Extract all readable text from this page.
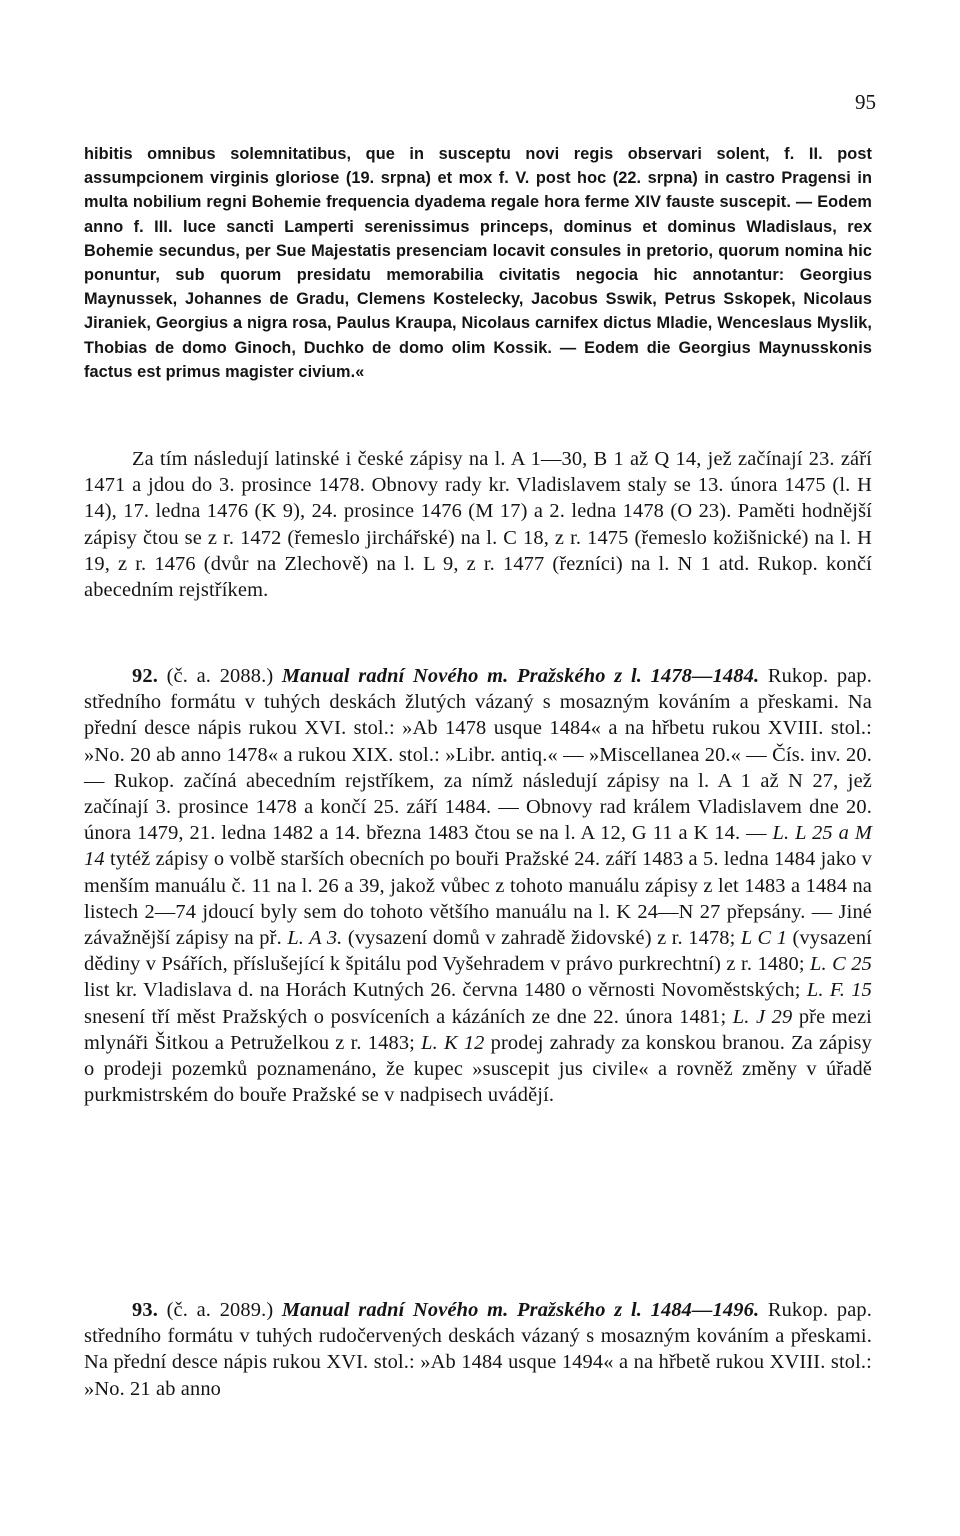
95

hibitis omnibus solemnitatibus, que in susceptu novi regis observari solent, f. II. post assumpcionem virginis gloriose (19. srpna) et mox f. V. post hoc (22. srpna) in castro Pragensi in multa nobilium regni Bohemie frequencia dyadema regale hora ferme XIV fauste suscepit. — Eodem anno f. III. luce sancti Lamperti serenissimus princeps, dominus et dominus Wladislaus, rex Bohemie secundus, per Sue Majestatis presenciam locavit consules in pretorio, quorum nomina hic ponuntur, sub quorum presidatu memorabilia civitatis negocia hic annotantur: Georgius Maynussek, Johannes de Gradu, Clemens Kostelecky, Jacobus Sswik, Petrus Sskopek, Nicolaus Jiraniek, Georgius a nigra rosa, Paulus Kraupa, Nicolaus carnifex dictus Mladie, Wenceslaus Myslik, Thobias de domo Ginoch, Duchko de domo olim Kossik. — Eodem die Georgius Maynusskonis factus est primus magister civium.«

Za tím následují latinské i české zápisy na l. A 1—30, B 1 až Q 14, jež začínají 23. září 1471 a jdou do 3. prosince 1478. Obnovy rady kr. Vladislavem staly se 13. února 1475 (l. H 14), 17. ledna 1476 (K 9), 24. prosince 1476 (M 17) a 2. ledna 1478 (O 23). Paměti hodnější zápisy čtou se z r. 1472 (řemeslo jirchářské) na l. C 18, z r. 1475 (řemeslo kožišnické) na l. H 19, z r. 1476 (dvůr na Zlechově) na l. L 9, z r. 1477 (řezníci) na l. N 1 atd. Rukop. končí abecedním rejstříkem.

92. (č. a. 2088.) Manual radní Nového m. Pražského z l. 1478—1484. Rukop. pap. středního formátu v tuhých deskách žlutých vázaný s mosazným kováním a přeskami. Na přední desce nápis rukou XVI. stol.: »Ab 1478 usque 1484« a na hřbetu rukou XVIII. stol.: »No. 20 ab anno 1478« a rukou XIX. stol.: »Libr. antiq.« — »Miscellanea 20.« — Čís. inv. 20. — Rukop. začíná abecedním rejstříkem, za nímž následují zápisy na l. A 1 až N 27, jež začínají 3. prosince 1478 a končí 25. září 1484. — Obnovy rad králem Vladislavem dne 20. února 1479, 21. ledna 1482 a 14. března 1483 čtou se na l. A 12, G 11 a K 14. — L. L 25 a M 14 tytéž zápisy o volbě starších obecních po bouři Pražské 24. září 1483 a 5. ledna 1484 jako v menším manuálu č. 11 na l. 26 a 39, jakož vůbec z tohoto manuálu zápisy z let 1483 a 1484 na listech 2—74 jdoucí byly sem do tohoto většího manuálu na l. K 24—N 27 přepsány. — Jiné závažnější zápisy na př. L. A 3. (vysazení domů v zahradě židovské) z r. 1478; L C 1 (vysazení dědiny v Psářích, příslušející k špitálu pod Vyšehradem v právo purkrechtní) z r. 1480; L. C 25 list kr. Vladislava d. na Horách Kutných 26. června 1480 o věrnosti Novoměstských; L. F. 15 snesení tří měst Pražských o posvíceních a kázáních ze dne 22. února 1481; L. J 29 pře mezi mlynáři Šitkou a Petruželkou z r. 1483; L. K 12 prodej zahrady za konskou branou. Za zápisy o prodeji pozemků poznamenáno, že kupec »suscepit jus civile« a rovněž změny v úřadě purkmistrském do bouře Pražské se v nadpisech uvádějí.

93. (č. a. 2089.) Manual radní Nového m. Pražského z l. 1484—1496. Rukop. pap. středního formátu v tuhých rudočervených deskách vázaný s mosazným kováním a přeskami. Na přední desce nápis rukou XVI. stol.: »Ab 1484 usque 1494« a na hřbetě rukou XVIII. stol.: »No. 21 ab anno
